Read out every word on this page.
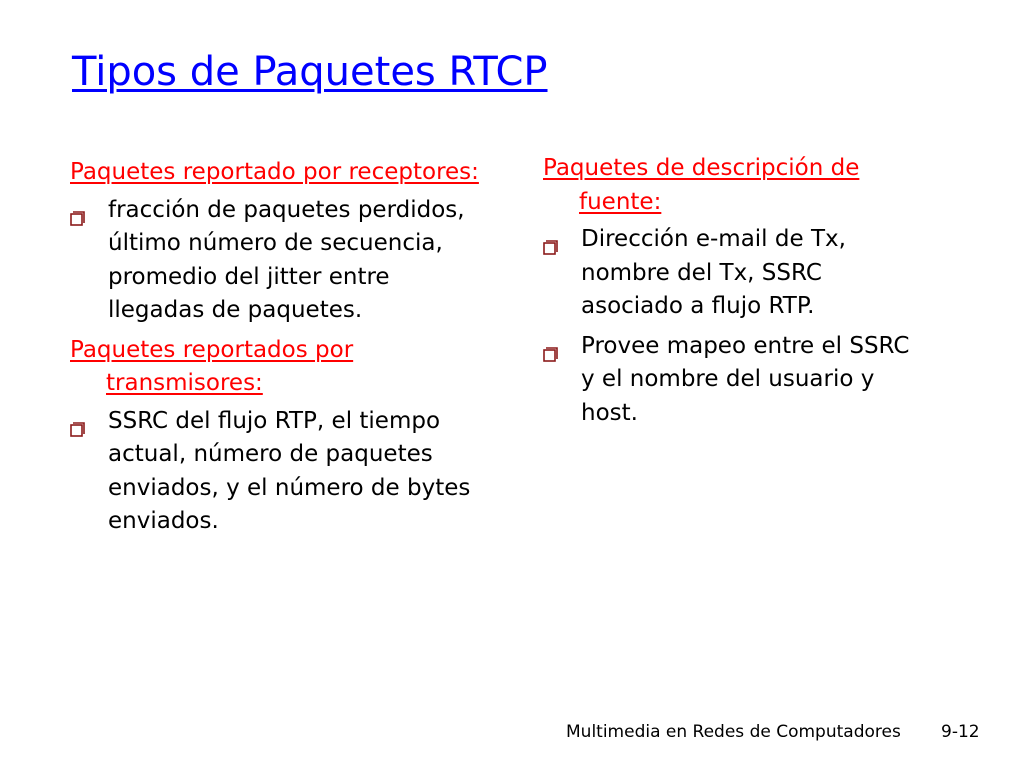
Tipos de Paquetes RTCP
Paquetes reportado por receptores:
fracción de paquetes perdidos, último número de secuencia, promedio del jitter entre llegadas de paquetes.
Paquetes reportados por transmisores:
SSRC del flujo RTP, el tiempo actual, número de paquetes enviados, y el número de bytes enviados.
Paquetes de descripción de fuente:
Dirección e-mail de Tx, nombre del Tx, SSRC asociado a flujo RTP.
Provee mapeo entre el SSRC y el nombre del usuario y host.
Multimedia en Redes de Computadores 9-12
